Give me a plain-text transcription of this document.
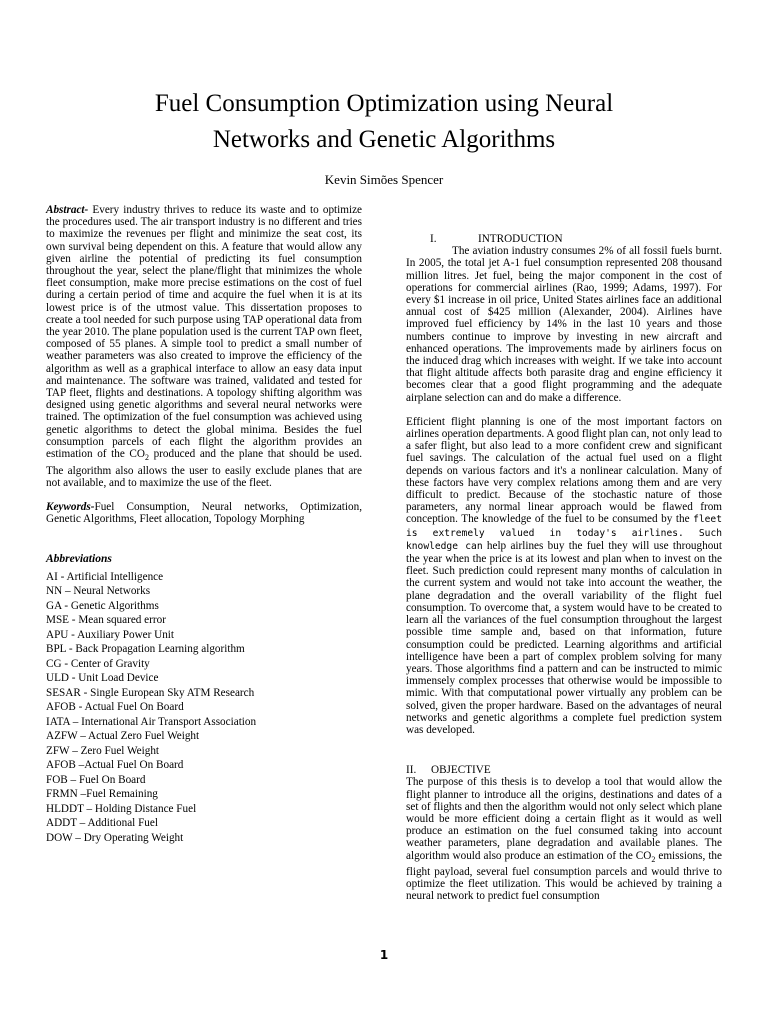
Fuel Consumption Optimization using Neural
Networks and Genetic Algorithms
Kevin Simões Spencer

Abstract- Every industry thrives to reduce its waste and to optimize the procedures used. The air transport industry is no different and tries to maximize the revenues per flight and minimize the seat cost, its own survival being dependent on this. A feature that would allow any given airline the potential of predicting its fuel consumption throughout the year, select the plane/flight that minimizes the whole fleet consumption, make more precise estimations on the cost of fuel during a certain period of time and acquire the fuel when it is at its lowest price is of the utmost value. This dissertation proposes to create a tool needed for such purpose using TAP operational data from the year 2010. The plane population used is the current TAP own fleet, composed of 55 planes. A simple tool to predict a small number of weather parameters was also created to improve the efficiency of the algorithm as well as a graphical interface to allow an easy data input and maintenance. The software was trained, validated and tested for TAP fleet, flights and destinations. A topology shifting algorithm was designed using genetic algorithms and several neural networks were trained. The optimization of the fuel consumption was achieved using genetic algorithms to detect the global minima. Besides the fuel consumption parcels of each flight the algorithm provides an estimation of the $CO_2$ produced and the plane that should be used. The algorithm also allows the user to easily exclude planes that are not available, and to maximize the use of the fleet.

Keywords-Fuel Consumption, Neural networks, Optimization, Genetic Algorithms, Fleet allocation, Topology Morphing

Abbreviations

AI - Artificial Intelligence
NN – Neural Networks
GA - Genetic Algorithms
MSE - Mean squared error
APU - Auxiliary Power Unit
BPL - Back Propagation Learning algorithm
CG - Center of Gravity
ULD - Unit Load Device
SESAR - Single European Sky ATM Research
AFOB - Actual Fuel On Board
IATA – International Air Transport Association
AZFW – Actual Zero Fuel Weight
ZFW – Zero Fuel Weight
AFOB –Actual Fuel On Board
FOB – Fuel On Board
FRMN –Fuel Remaining
HLDDT – Holding Distance Fuel
ADDT – Additional Fuel
DOW – Dry Operating Weight
I.	INTRODUCTION

The aviation industry consumes 2% of all fossil fuels burnt. In 2005, the total jet A-1 fuel consumption represented 208 thousand million litres. Jet fuel, being the major component in the cost of operations for commercial airlines (Rao, 1999; Adams, 1997). For every $1 increase in oil price, United States airlines face an additional annual cost of $425 million (Alexander, 2004). Airlines have improved fuel efficiency by 14% in the last 10 years and those numbers continue to improve by investing in new aircraft and enhanced operations. The improvements made by airliners focus on the induced drag which increases with weight. If we take into account that flight altitude affects both parasite drag and engine efficiency it becomes clear that a good flight programming and the adequate airplane selection can and do make a difference.

Efficient flight planning is one of the most important factors on airlines operation departments. A good flight plan can, not only lead to a safer flight, but also lead to a more confident crew and significant fuel savings. The calculation of the actual fuel used on a flight depends on various factors and it's a nonlinear calculation. Many of these factors have very complex relations among them and are very difficult to predict. Because of the stochastic nature of those parameters, any normal linear approach would be flawed from conception. The knowledge of the fuel to be consumed by the fleet is extremely valued in today's airlines. Such knowledge can help airlines buy the fuel they will use throughout the year when the price is at its lowest and plan when to invest on the fleet. Such prediction could represent many months of calculation in the current system and would not take into account the weather, the plane degradation and the overall variability of the flight fuel consumption. To overcome that, a system would have to be created to learn all the variances of the fuel consumption throughout the largest possible time sample and, based on that information, future consumption could be predicted. Learning algorithms and artificial intelligence have been a part of complex problem solving for many years. Those algorithms find a pattern and can be instructed to mimic immensely complex processes that otherwise would be impossible to mimic. With that computational power virtually any problem can be solved, given the proper hardware. Based on the advantages of neural networks and genetic algorithms a complete fuel prediction system was developed.

II.	OBJECTIVE

The purpose of this thesis is to develop a tool that would allow the flight planner to introduce all the origins, destinations and dates of a set of flights and then the algorithm would not only select which plane would be more efficient doing a certain flight as it would as well produce an estimation on the fuel consumed taking into account weather parameters, plane degradation and available planes. The algorithm would also produce an estimation of the $CO_2$ emissions, the flight payload, several fuel consumption parcels and would thrive to optimize the fleet utilization. This would be achieved by training a neural network to predict fuel consumption

1
